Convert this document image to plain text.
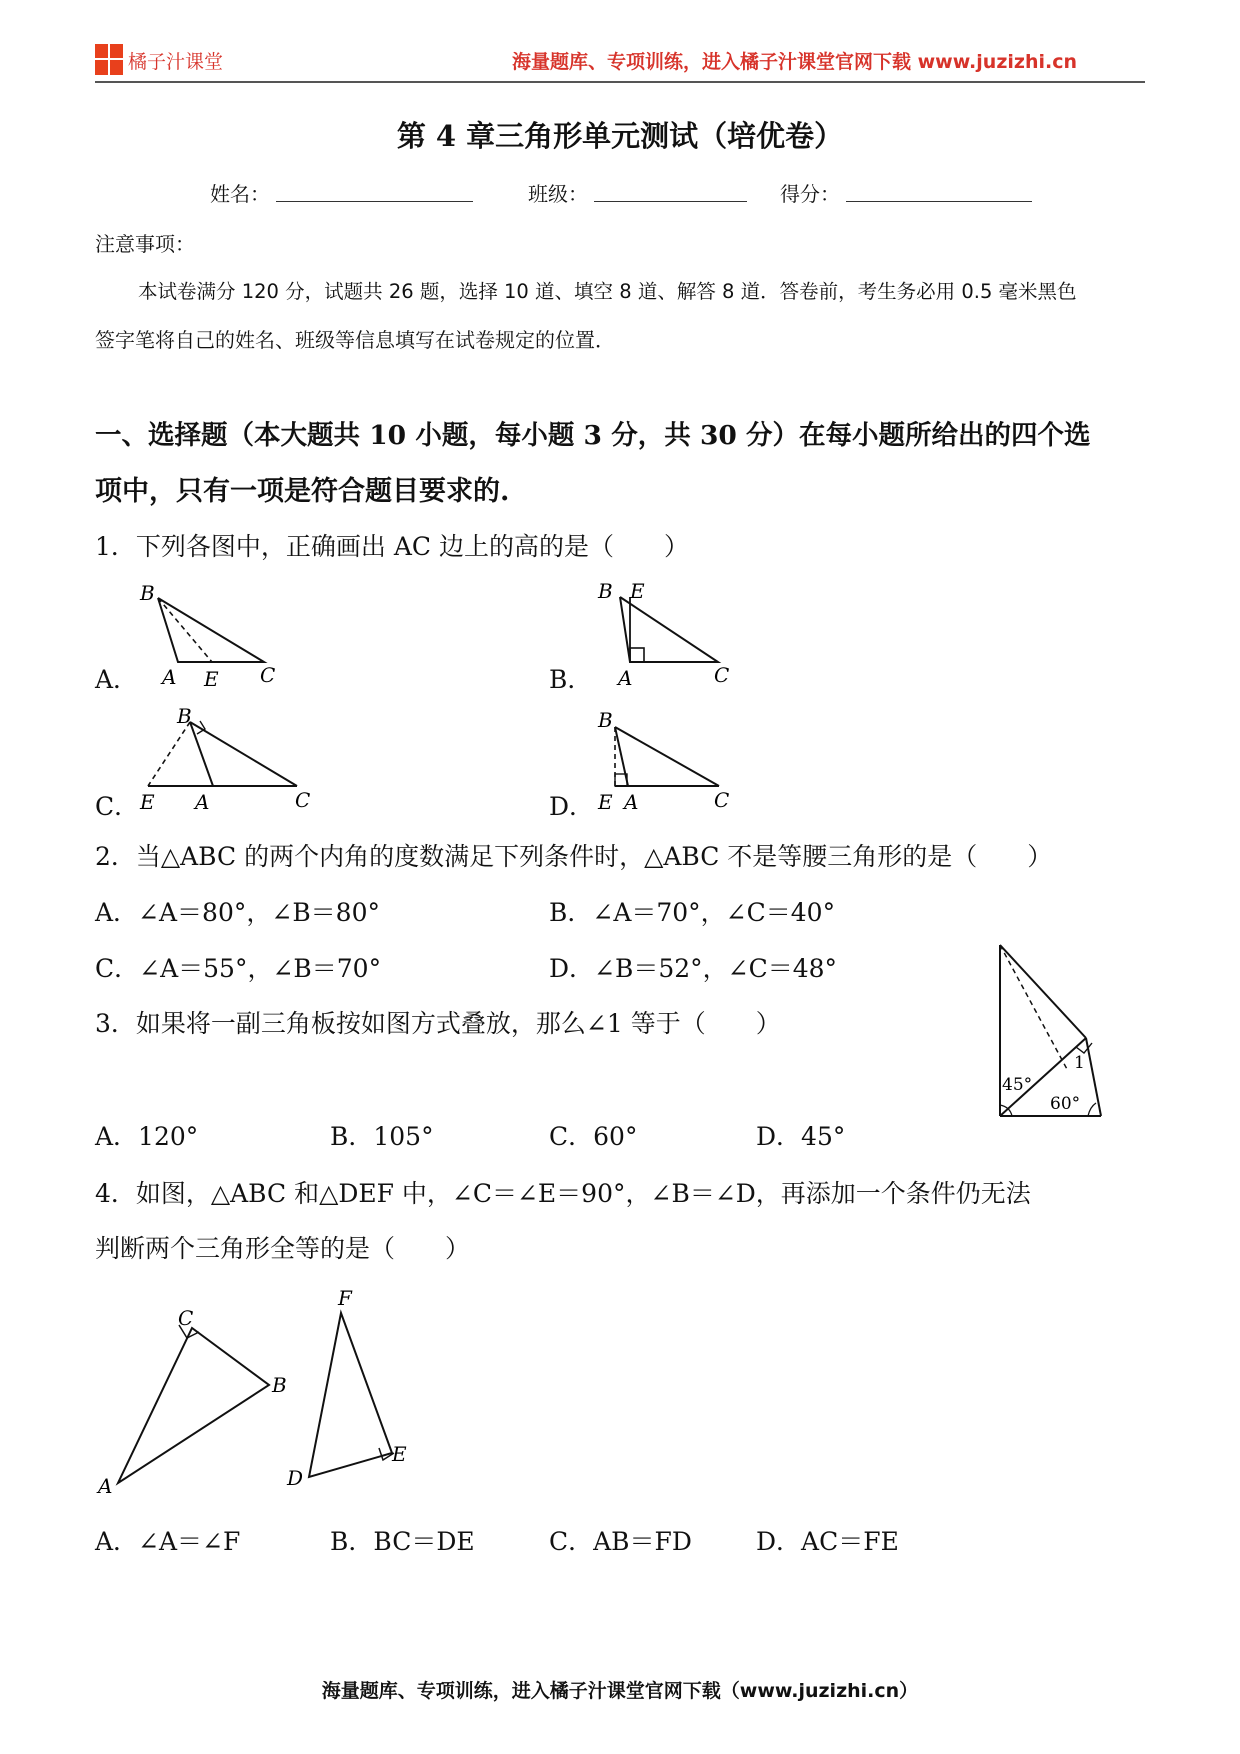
橘子汁课堂	海量题库、专项训练，进入橘子汁课堂官网下载 www.juzizhi.cn
第 4 章三角形单元测试（培优卷）
姓名：	班级：	得分：
注意事项：
本试卷满分 120 分，试题共 26 题，选择 10 道、填空 8 道、解答 8 道．答卷前，考生务必用 0.5 毫米黑色
签字笔将自己的姓名、班级等信息填写在试卷规定的位置．
一、选择题（本大题共 10 小题，每小题 3 分，共 30 分）在每小题所给出的四个选
项中，只有一项是符合题目要求的.
1．下列各图中，正确画出 AC 边上的高的是（　　）
A．
B
A E C	B．
B E
A	C
C．
B
E A	C	D．
B
E A	C
2．当△ABC 的两个内角的度数满足下列条件时，△ABC 不是等腰三角形的是（　　）
A．∠A＝80°，∠B＝80°	B．∠A＝70°，∠C＝40°
C．∠A＝55°，∠B＝70°	D．∠B＝52°，∠C＝48°
3．如果将一副三角板按如图方式叠放，那么∠1 等于（　　）
1
45°
60°
A．120°	B．105°	C．60°	D．45°
4．如图，△ABC 和△DEF 中，∠C＝∠E＝90°，∠B＝∠D，再添加一个条件仍无法
判断两个三角形全等的是（　　）
A
C
B
F
D
E
A．∠A＝∠F	B．BC＝DE	C．AB＝FD	D．AC＝FE
海量题库、专项训练，进入橘子汁课堂官网下载（www.juzizhi.cn）
